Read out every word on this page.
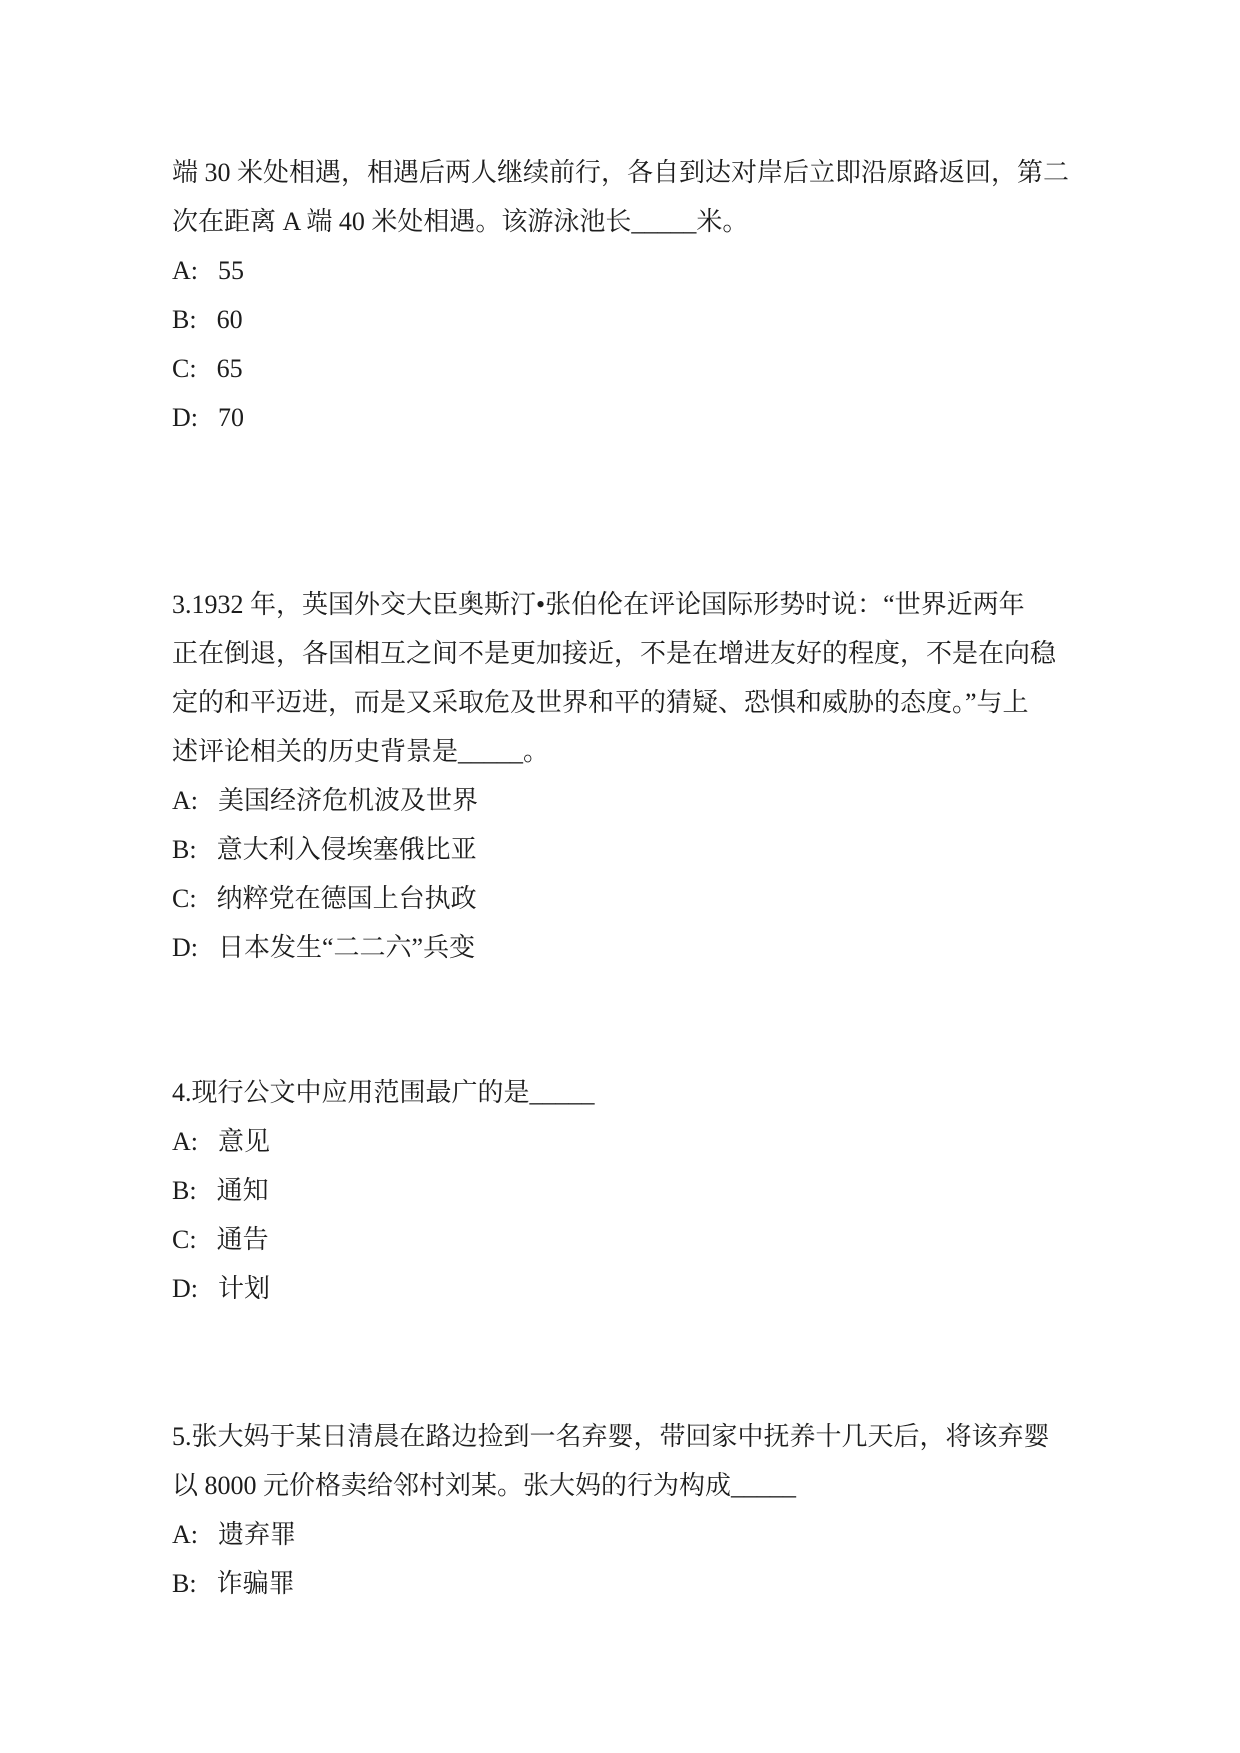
端 30 米处相遇，相遇后两人继续前行，各自到达对岸后立即沿原路返回，第二
次在距离 A 端 40 米处相遇。该游泳池长_____米。
A: 55
B: 60
C: 65
D: 70
3.1932 年，英国外交大臣奥斯汀•张伯伦在评论国际形势时说：“世界近两年
正在倒退，各国相互之间不是更加接近，不是在增进友好的程度，不是在向稳
定的和平迈进，而是又采取危及世界和平的猜疑、恐惧和威胁的态度。”与上
述评论相关的历史背景是_____。
A: 美国经济危机波及世界
B: 意大利入侵埃塞俄比亚
C: 纳粹党在德国上台执政
D: 日本发生“二二六”兵变
4.现行公文中应用范围最广的是_____
A: 意见
B: 通知
C: 通告
D: 计划
5.张大妈于某日清晨在路边捡到一名弃婴，带回家中抚养十几天后，将该弃婴
以 8000 元价格卖给邻村刘某。张大妈的行为构成_____
A: 遗弃罪
B: 诈骗罪
